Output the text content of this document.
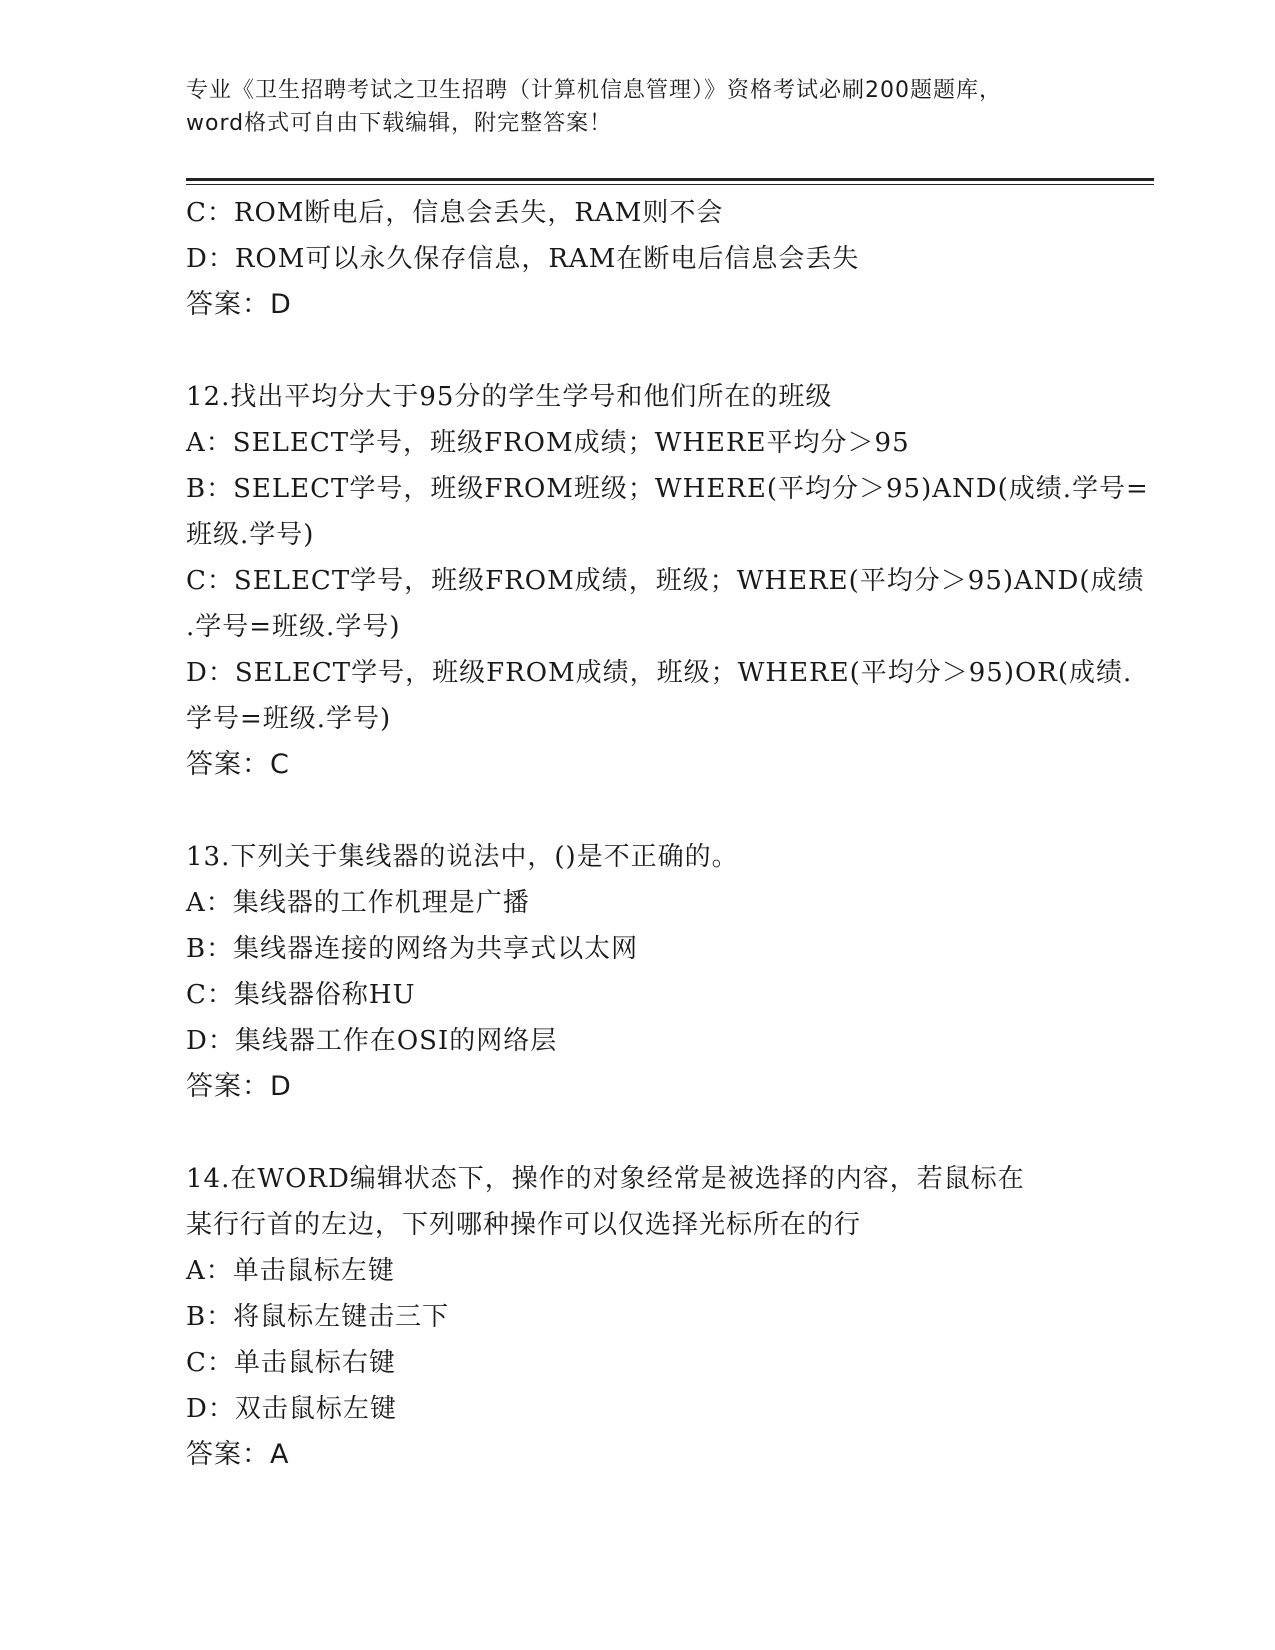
专业《卫生招聘考试之卫生招聘（计算机信息管理）》资格考试必刷200题题库，
word格式可自由下载编辑，附完整答案！
C：ROM断电后，信息会丢失，RAM则不会
D：ROM可以永久保存信息，RAM在断电后信息会丢失
答案：D
12.找出平均分大于95分的学生学号和他们所在的班级
A：SELECT学号，班级FROM成绩；WHERE平均分＞95
B：SELECT学号，班级FROM班级；WHERE(平均分＞95)AND(成绩.学号=
班级.学号)
C：SELECT学号，班级FROM成绩，班级；WHERE(平均分＞95)AND(成绩
.学号=班级.学号)
D：SELECT学号，班级FROM成绩，班级；WHERE(平均分＞95)OR(成绩.
学号=班级.学号)
答案：C
13.下列关于集线器的说法中，()是不正确的。
A：集线器的工作机理是广播
B：集线器连接的网络为共享式以太网
C：集线器俗称HU
D：集线器工作在OSI的网络层
答案：D
14.在WORD编辑状态下，操作的对象经常是被选择的内容，若鼠标在
某行行首的左边，下列哪种操作可以仅选择光标所在的行
A：单击鼠标左键
B：将鼠标左键击三下
C：单击鼠标右键
D：双击鼠标左键
答案：A
